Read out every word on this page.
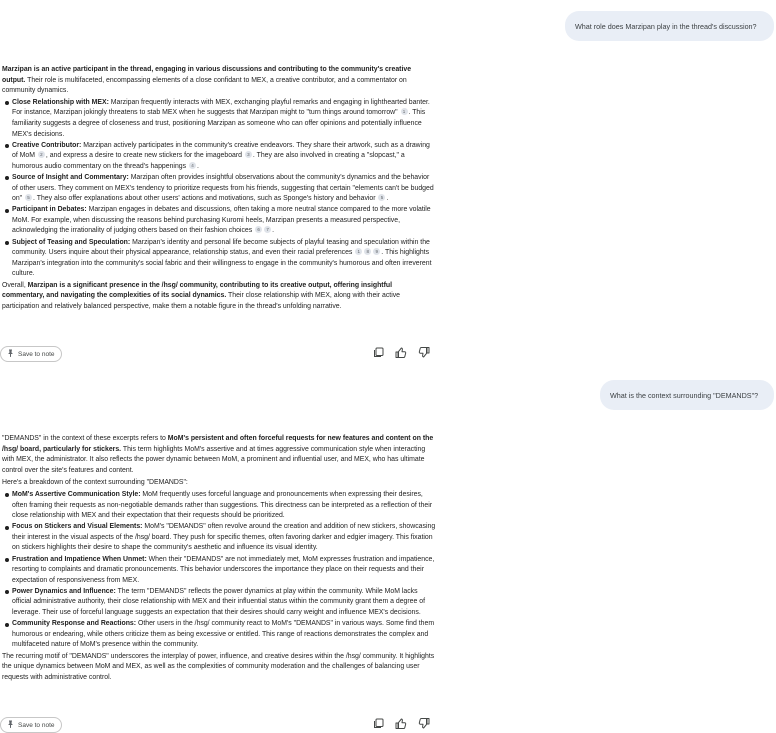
What role does Marzipan play in the thread's discussion?

Marzipan is an active participant in the thread, engaging in various discussions and contributing to the community's creative output. Their role is multifaceted, encompassing elements of a close confidant to MEX, a creative contributor, and a commentator on community dynamics.

Close Relationship with MEX: Marzipan frequently interacts with MEX, exchanging playful remarks and engaging in lighthearted banter. For instance, Marzipan jokingly threatens to stab MEX when he suggests that Marzipan might to "turn things around tomorrow" 1 . This familiarity suggests a degree of closeness and trust, positioning Marzipan as someone who can offer opinions and potentially influence MEX's decisions.
Creative Contributor: Marzipan actively participates in the community's creative endeavors. They share their artwork, such as a drawing of MoM 2 , and express a desire to create new stickers for the imageboard 3 . They are also involved in creating a "slopcast," a humorous audio commentary on the thread's happenings 4 .
Source of Insight and Commentary: Marzipan often provides insightful observations about the community's dynamics and the behavior of other users. They comment on MEX's tendency to prioritize requests from his friends, suggesting that certain "elements can't be budged on" 5 . They also offer explanations about other users' actions and motivations, such as Sponge's history and behavior 5 .
Participant in Debates: Marzipan engages in debates and discussions, often taking a more neutral stance compared to the more volatile MoM. For example, when discussing the reasons behind purchasing Kuromi heels, Marzipan presents a measured perspective, acknowledging the irrationality of judging others based on their fashion choices 6 7 .
Subject of Teasing and Speculation: Marzipan's identity and personal life become subjects of playful teasing and speculation within the community. Users inquire about their physical appearance, relationship status, and even their racial preferences 1 8 9 . This highlights Marzipan's integration into the community's social fabric and their willingness to engage in the community's humorous and often irreverent culture.

Overall, Marzipan is a significant presence in the /hsg/ community, contributing to its creative output, offering insightful commentary, and navigating the complexities of its social dynamics. Their close relationship with MEX, along with their active participation and relatively balanced perspective, make them a notable figure in the thread's unfolding narrative.

Save to note
What is the context surrounding "DEMANDS"?

"DEMANDS" in the context of these excerpts refers to MoM's persistent and often forceful requests for new features and content on the /hsg/ board, particularly for stickers. This term highlights MoM's assertive and at times aggressive communication style when interacting with MEX, the administrator. It also reflects the power dynamic between MoM, a prominent and influential user, and MEX, who has ultimate control over the site's features and content.

Here's a breakdown of the context surrounding "DEMANDS":

MoM's Assertive Communication Style: MoM frequently uses forceful language and pronouncements when expressing their desires, often framing their requests as non-negotiable demands rather than suggestions. This directness can be interpreted as a reflection of their close relationship with MEX and their expectation that their requests should be prioritized.
Focus on Stickers and Visual Elements: MoM's "DEMANDS" often revolve around the creation and addition of new stickers, showcasing their interest in the visual aspects of the /hsg/ board. They push for specific themes, often favoring darker and edgier imagery. This fixation on stickers highlights their desire to shape the community's aesthetic and influence its visual identity.
Frustration and Impatience When Unmet: When their "DEMANDS" are not immediately met, MoM expresses frustration and impatience, resorting to complaints and dramatic pronouncements. This behavior underscores the importance they place on their requests and their expectation of responsiveness from MEX.
Power Dynamics and Influence: The term "DEMANDS" reflects the power dynamics at play within the community. While MoM lacks official administrative authority, their close relationship with MEX and their influential status within the community grant them a degree of leverage. Their use of forceful language suggests an expectation that their desires should carry weight and influence MEX's decisions.
Community Response and Reactions: Other users in the /hsg/ community react to MoM's "DEMANDS" in various ways. Some find them humorous or endearing, while others criticize them as being excessive or entitled. This range of reactions demonstrates the complex and multifaceted nature of MoM's presence within the community.

The recurring motif of "DEMANDS" underscores the interplay of power, influence, and creative desires within the /hsg/ community. It highlights the unique dynamics between MoM and MEX, as well as the complexities of community moderation and the challenges of balancing user requests with administrative control.

Save to note
